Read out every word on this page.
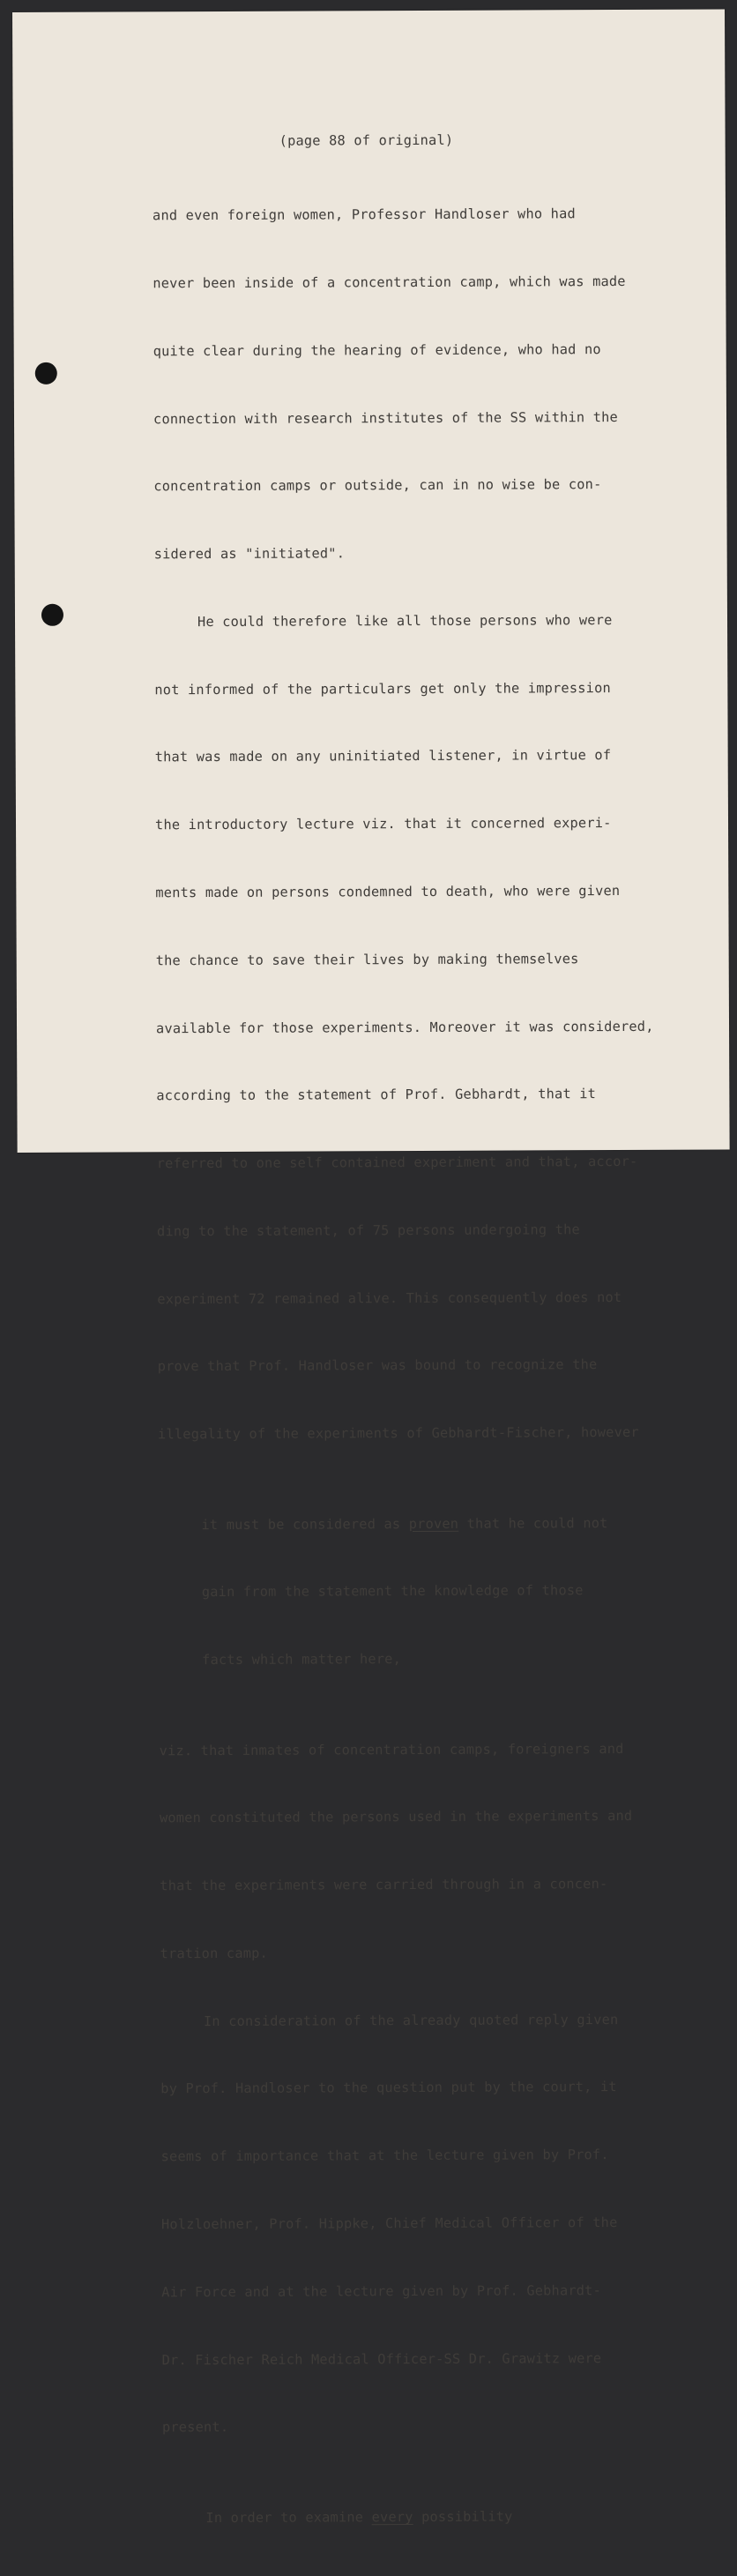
(page 88 of original)

and even foreign women, Professor Handloser who had

never been inside of a concentration camp, which was made

quite clear during the hearing of evidence, who had no

connection with research institutes of the SS within the

concentration camps or outside, can in no wise be con-

sidered as "initiated".

He could therefore like all those persons who were

not informed of the particulars get only the impression

that was made on any uninitiated listener, in virtue of

the introductory lecture viz. that it concerned experi-

ments made on persons condemned to death, who were given

the chance to save their lives by making themselves

available for those experiments. Moreover it was considered,

according to the statement of Prof. Gebhardt, that it

referred to one self contained experiment and that, accor-

ding to the statement, of 75 persons undergoing the

experiment 72 remained alive. This consequently does not

prove that Prof. Handloser was bound to recognize the

illegality of the experiments of Gebhardt-Fischer, however

it must be considered as proven that he could not

gain from the statement the knowledge of those

facts which matter here,

viz. that inmates of concentration camps, foreigners and

women constituted the persons used in the experiments and

that the experiments were carried through in a concen-

tration camp.

In consideration of the already quoted reply given

by Prof. Handloser to the question put by the court, it

seems of importance that at the lecture given by Prof.

Holzloehner, Prof. Hippke, Chief Medical Officer of the

Air Force and at the lecture given by Prof. Gebhardt-

Dr. Fischer Reich Medical Officer-SS Dr. Grawitz were

present.

In order to examine every possibility
